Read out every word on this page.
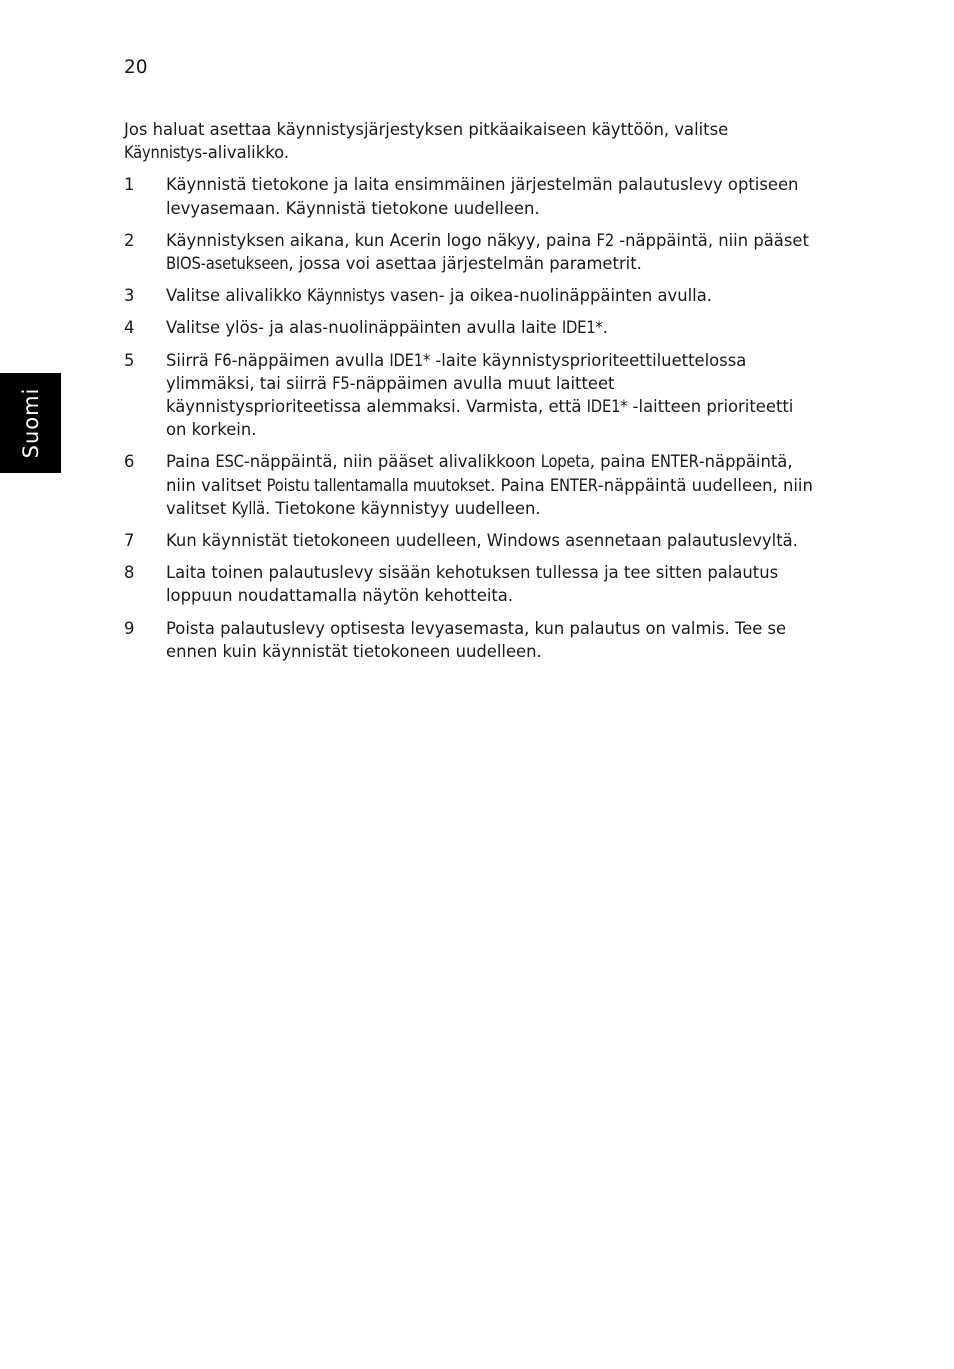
20
Suomi

Jos haluat asettaa käynnistysjärjestyksen pitkäaikaiseen käyttöön, valitse Käynnistys-alivalikko.

1	Käynnistä tietokone ja laita ensimmäinen järjestelmän palautuslevy optiseen levyasemaan. Käynnistä tietokone uudelleen.
2	Käynnistyksen aikana, kun Acerin logo näkyy, paina F2 -näppäintä, niin pääset BIOS-asetukseen, jossa voi asettaa järjestelmän parametrit.
3	Valitse alivalikko Käynnistys vasen- ja oikea-nuolinäppäinten avulla.
4	Valitse ylös- ja alas-nuolinäppäinten avulla laite IDE1*.
5	Siirrä F6-näppäimen avulla IDE1* -laite käynnistysprioriteettiluettelossa ylimmäksi, tai siirrä F5-näppäimen avulla muut laitteet käynnistysprioriteetissa alemmaksi. Varmista, että IDE1* -laitteen prioriteetti on korkein.
6	Paina ESC-näppäintä, niin pääset alivalikkoon Lopeta, paina ENTER-näppäintä, niin valitset Poistu tallentamalla muutokset. Paina ENTER-näppäintä uudelleen, niin valitset Kyllä. Tietokone käynnistyy uudelleen.
7	Kun käynnistät tietokoneen uudelleen, Windows asennetaan palautuslevyltä.
8	Laita toinen palautuslevy sisään kehotuksen tullessa ja tee sitten palautus loppuun noudattamalla näytön kehotteita.
9	Poista palautuslevy optisesta levyasemasta, kun palautus on valmis. Tee se ennen kuin käynnistät tietokoneen uudelleen.
